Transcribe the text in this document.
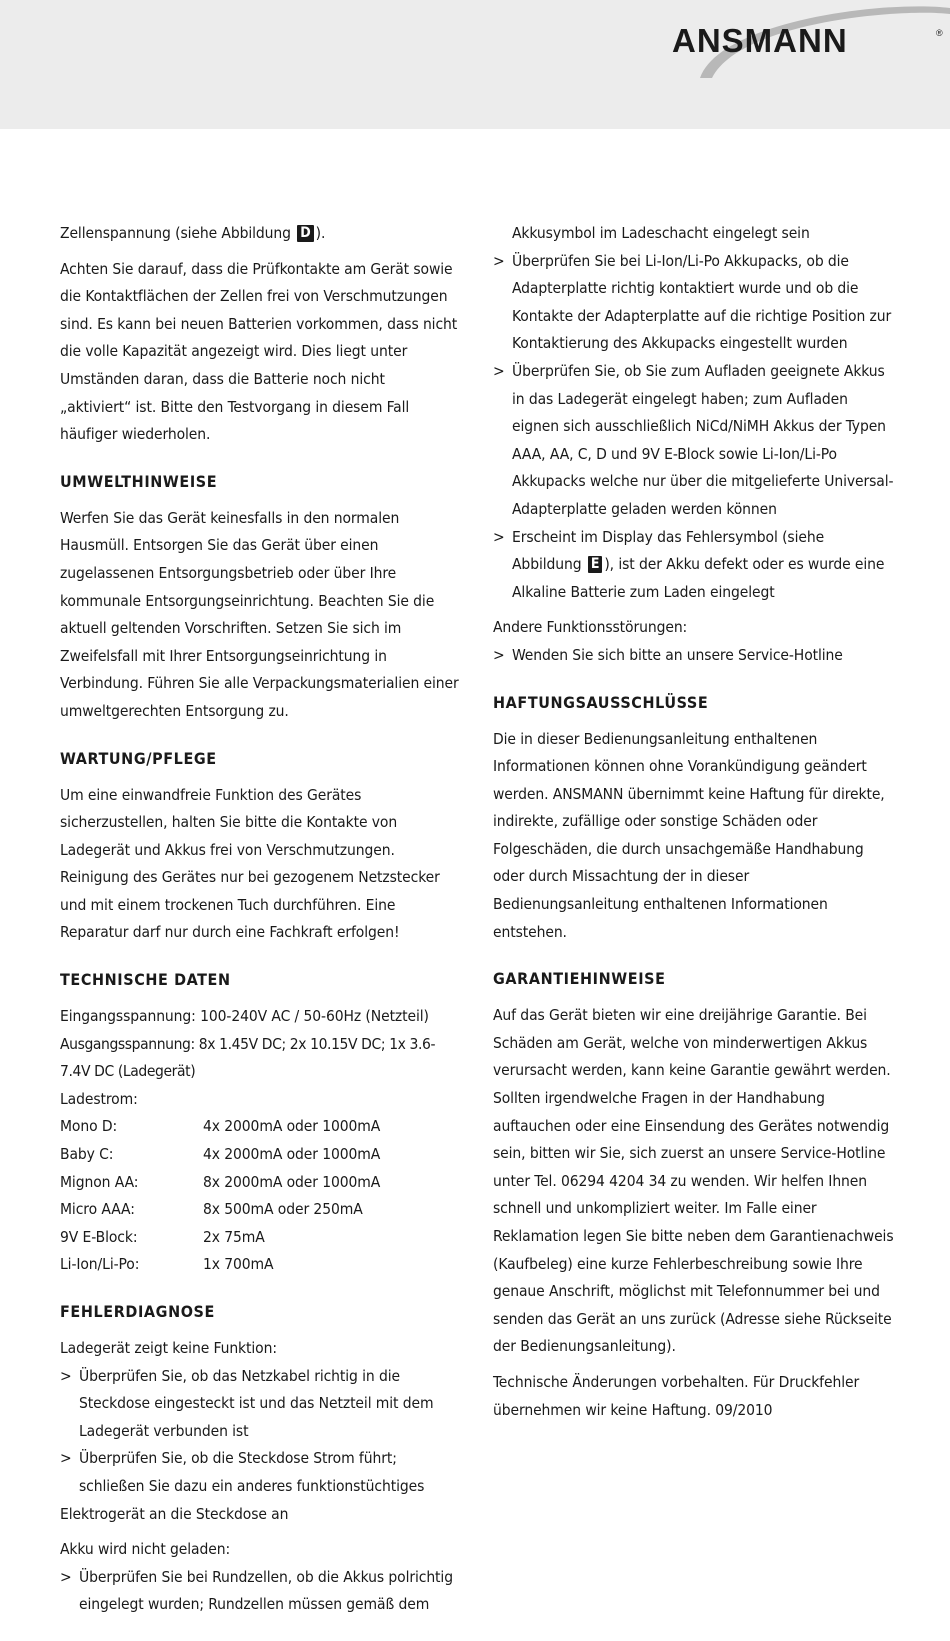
ANSMANN	®

Zellenspannung (siehe Abbildung D ).

Achten Sie darauf, dass die Prüfkontakte am Gerät sowie die Kontaktflächen der Zellen frei von Verschmutzungen sind. Es kann bei neuen Batterien vorkommen, dass nicht die volle Kapazität angezeigt wird. Dies liegt unter Umständen daran, dass die Batterie noch nicht „aktiviert“ ist. Bitte den Testvorgang in diesem Fall häufiger wiederholen.

UMWELTHINWEISE

Werfen Sie das Gerät keinesfalls in den normalen Hausmüll. Entsorgen Sie das Gerät über einen zugelassenen Entsorgungsbetrieb oder über Ihre kommunale Entsorgungseinrichtung. Beachten Sie die aktuell geltenden Vorschriften. Setzen Sie sich im Zweifelsfall mit Ihrer Entsorgungseinrichtung in Verbindung. Führen Sie alle Verpackungsmaterialien einer umweltgerechten Entsorgung zu.

WARTUNG/PFLEGE

Um eine einwandfreie Funktion des Gerätes sicherzustellen, halten Sie bitte die Kontakte von Ladegerät und Akkus frei von Verschmutzungen. Reinigung des Gerätes nur bei gezogenem Netzstecker und mit einem trockenen Tuch durchführen. Eine Reparatur darf nur durch eine Fachkraft erfolgen!

TECHNISCHE DATEN
Eingangsspannung: 100-240V AC / 50-60Hz (Netzteil)
Ausgangsspannung: 8x 1.45V DC; 2x 10.15V DC; 1x 3.6-7.4V DC (Ladegerät)
Ladestrom:
Mono D:	4x 2000mA oder 1000mA
Baby C:	4x 2000mA oder 1000mA
Mignon AA:	8x 2000mA oder 1000mA
Micro AAA:	8x 500mA oder 250mA
9V E-Block:	2x 75mA
Li-Ion/Li-Po:	1x 700mA
FEHLERDIAGNOSE
Ladegerät zeigt keine Funktion:
> Überprüfen Sie, ob das Netzkabel richtig in die Steckdose eingesteckt ist und das Netzteil mit dem Ladegerät verbunden ist
> Überprüfen Sie, ob die Steckdose Strom führt; schließen Sie dazu ein anderes funktionstüchtiges

Elektrogerät an die Steckdose an

Akku wird nicht geladen:
> Überprüfen Sie bei Rundzellen, ob die Akkus polrichtig eingelegt wurden; Rundzellen müssen gemäß dem
Akkusymbol im Ladeschacht eingelegt sein
> Überprüfen Sie bei Li-Ion/Li-Po Akkupacks, ob die Adapterplatte richtig kontaktiert wurde und ob die Kontakte der Adapterplatte auf die richtige Position zur Kontaktierung des Akkupacks eingestellt wurden
> Überprüfen Sie, ob Sie zum Aufladen geeignete Akkus in das Ladegerät eingelegt haben; zum Aufladen eignen sich ausschließlich NiCd/NiMH Akkus der Typen AAA, AA, C, D und 9V E-Block sowie Li-Ion/Li-Po Akkupacks welche nur über die mitgelieferte Universal-Adapterplatte geladen werden können
> Erscheint im Display das Fehlersymbol (siehe Abbildung E ), ist der Akku defekt oder es wurde eine Alkaline Batterie zum Laden eingelegt
Andere Funktionsstörungen:
> Wenden Sie sich bitte an unsere Service-Hotline
HAFTUNGSAUSSCHLÜSSE

Die in dieser Bedienungsanleitung enthaltenen Informationen können ohne Vorankündigung geändert werden. ANSMANN übernimmt keine Haftung für direkte, indirekte, zufällige oder sonstige Schäden oder Folgeschäden, die durch unsachgemäße Handhabung oder durch Missachtung der in dieser Bedienungsanleitung enthaltenen Informationen entstehen.

GARANTIEHINWEISE

Auf das Gerät bieten wir eine dreijährige Garantie. Bei Schäden am Gerät, welche von minderwertigen Akkus verursacht werden, kann keine Garantie gewährt werden. Sollten irgendwelche Fragen in der Handhabung auftauchen oder eine Einsendung des Gerätes notwendig sein, bitten wir Sie, sich zuerst an unsere Service-Hotline unter Tel. 06294 4204 34 zu wenden. Wir helfen Ihnen schnell und unkompliziert weiter. Im Falle einer Reklamation legen Sie bitte neben dem Garantienachweis (Kaufbeleg) eine kurze Fehlerbeschreibung sowie Ihre genaue Anschrift, möglichst mit Telefonnummer bei und senden das Gerät an uns zurück (Adresse siehe Rückseite der Bedienungsanleitung).

Technische Änderungen vorbehalten. Für Druckfehler übernehmen wir keine Haftung. 09/2010
